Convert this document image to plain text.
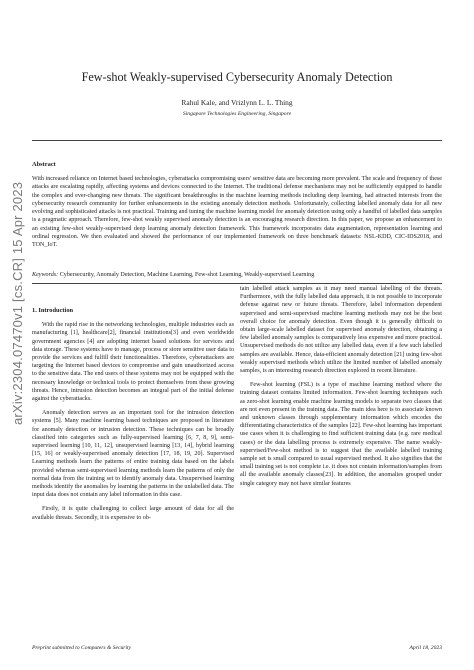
arXiv:2304.07470v1 [cs.CR] 15 Apr 2023
Few-shot Weakly-supervised Cybersecurity Anomaly Detection
Rahul Kale, and Vrizlynn L. L. Thing
Singapore Technologies Engineering, Singapore
Abstract
With increased reliance on Internet based technologies, cyberattacks compromising users' sensitive data are becoming more prevalent. The scale and frequency of these attacks are escalating rapidly, affecting systems and devices connected to the Internet. The traditional defense mechanisms may not be sufficiently equipped to handle the complex and ever-changing new threats. The significant breakthroughs in the machine learning methods including deep learning, had attracted interests from the cybersecurity research community for further enhancements in the existing anomaly detection methods. Unfortunately, collecting labelled anomaly data for all new evolving and sophisticated attacks is not practical. Training and tuning the machine learning model for anomaly detection using only a handful of labelled data samples is a pragmatic approach. Therefore, few-shot weakly supervised anomaly detection is an encouraging research direction. In this paper, we propose an enhancement to an existing few-shot weakly-supervised deep learning anomaly detection framework. This framework incorporates data augmentation, representation learning and ordinal regression. We then evaluated and showed the performance of our implemented framework on three benchmark datasets: NSL-KDD, CIC-IDS2018, and TON_IoT.
Keywords: Cybersecurity, Anomaly Detection, Machine Learning, Few-shot Learning, Weakly-supervised Learning
1. Introduction

With the rapid rise in the networking technologies, multiple industries such as manufacturing [1], healthcare[2], financial institutions[3] and even worldwide government agencies [4] are adopting internet based solutions for services and data storage. These systems have to manage, process or store sensitive user data to provide the services and fulfill their functionalities. Therefore, cyberattackers are targeting the Internet based devices to compromise and gain unauthorized access to the sensitive data. The end users of these systems may not be equipped with the necessary knowledge or technical tools to protect themselves from these growing threats. Hence, intrusion detection becomes an integral part of the initial defense against the cyberattacks.

Anomaly detection serves as an important tool for the intrusion detection systems [5]. Many machine learning based techniques are proposed in literature for anomaly detection or intrusion detection. These techniques can be broadly classified into categories such as fully-supervised learning [6, 7, 8, 9], semi-supervised learning [10, 11, 12], unsupervised learning [13, 14], hybrid learning [15, 16] or weakly-supervised anomaly detection [17, 18, 19, 20]. Supervised Learning methods learn the patterns of entire training data based on the labels provided whereas semi-supervised learning methods learn the patterns of only the normal data from the training set to identify anomaly data. Unsupervised learning methods identify the anomalies by learning the patterns in the unlabelled data. The input data does not contain any label information in this case.

Firstly, it is quite challenging to collect large amount of data for all the available threats. Secondly, it is expensive to ob-

tain labelled attack samples as it may need manual labelling of the threats. Furthermore, with the fully labelled data approach, it is not possible to incorporate defense against new or future threats. Therefore, label information dependent supervised and semi-supervised machine learning methods may not be the best overall choice for anomaly detection. Even though it is generally difficult to obtain large-scale labelled dataset for supervised anomaly detection, obtaining a few labelled anomaly samples is comparatively less expensive and more practical. Unsupervised methods do not utilize any labelled data, even if a few such labelled samples are available. Hence, data-efficient anomaly detection [21] using few-shot weakly supervised methods which utilize the limited number of labelled anomaly samples, is an interesting research direction explored in recent literature.

Few-shot learning (FSL) is a type of machine learning method where the training dataset contains limited information. Few-shot learning techniques such as zero-shot learning enable machine learning models to separate two classes that are not even present in the training data. The main idea here is to associate known and unknown classes through supplementary information which encodes the differentiating characteristics of the samples [22]. Few-shot learning has important use cases when it is challenging to find sufficient training data (e.g. rare medical cases) or the data labelling process is extremely expensive. The name weakly-supervised/Few-shot method is to suggest that the available labelled training sample set is small compared to usual supervised method. It also signifies that the small training set is not complete i.e. it does not contain information/samples from all the available anomaly classes[23]. In addition, the anomalies grouped under single category may not have similar features

Preprint submitted to Computers & Security	April 18, 2023
